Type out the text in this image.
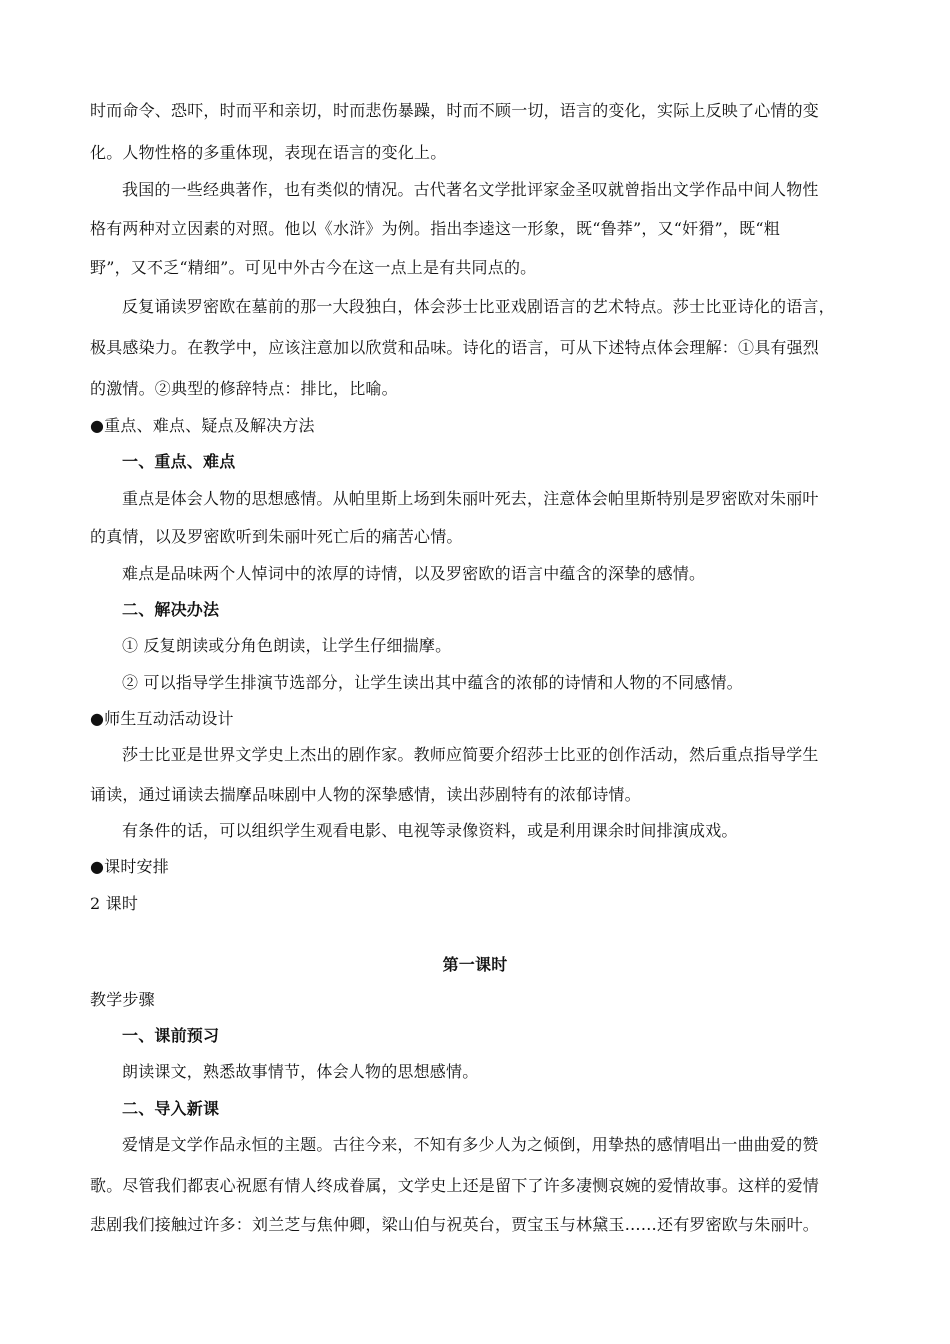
时而命令、恐吓，时而平和亲切，时而悲伤暴躁，时而不顾一切，语言的变化，实际上反映了心情的变
化。人物性格的多重体现，表现在语言的变化上。
我国的一些经典著作，也有类似的情况。古代著名文学批评家金圣叹就曾指出文学作品中间人物性
格有两种对立因素的对照。他以《水浒》为例。指出李逵这一形象，既“鲁莽”，又“奸猾”，既“粗
野”，又不乏“精细”。可见中外古今在这一点上是有共同点的。
反复诵读罗密欧在墓前的那一大段独白，体会莎士比亚戏剧语言的艺术特点。莎士比亚诗化的语言，
极具感染力。在教学中，应该注意加以欣赏和品味。诗化的语言，可从下述特点体会理解：①具有强烈
的激情。②典型的修辞特点：排比，比喻。
●重点、难点、疑点及解决方法
一、重点、难点
重点是体会人物的思想感情。从帕里斯上场到朱丽叶死去，注意体会帕里斯特别是罗密欧对朱丽叶
的真情，以及罗密欧听到朱丽叶死亡后的痛苦心情。
难点是品味两个人悼词中的浓厚的诗情，以及罗密欧的语言中蕴含的深挚的感情。
二、解决办法
① 反复朗读或分角色朗读，让学生仔细揣摩。
② 可以指导学生排演节选部分，让学生读出其中蕴含的浓郁的诗情和人物的不同感情。
●师生互动活动设计
莎士比亚是世界文学史上杰出的剧作家。教师应简要介绍莎士比亚的创作活动，然后重点指导学生
诵读，通过诵读去揣摩品味剧中人物的深挚感情，读出莎剧特有的浓郁诗情。
有条件的话，可以组织学生观看电影、电视等录像资料，或是利用课余时间排演成戏。
●课时安排
2 课时
第一课时
教学步骤
一、课前预习
朗读课文，熟悉故事情节，体会人物的思想感情。
二、导入新课
爱情是文学作品永恒的主题。古往今来，不知有多少人为之倾倒，用挚热的感情唱出一曲曲爱的赞
歌。尽管我们都衷心祝愿有情人终成眷属，文学史上还是留下了许多凄恻哀婉的爱情故事。这样的爱情
悲剧我们接触过许多：刘兰芝与焦仲卿，梁山伯与祝英台，贾宝玉与林黛玉……还有罗密欧与朱丽叶。
